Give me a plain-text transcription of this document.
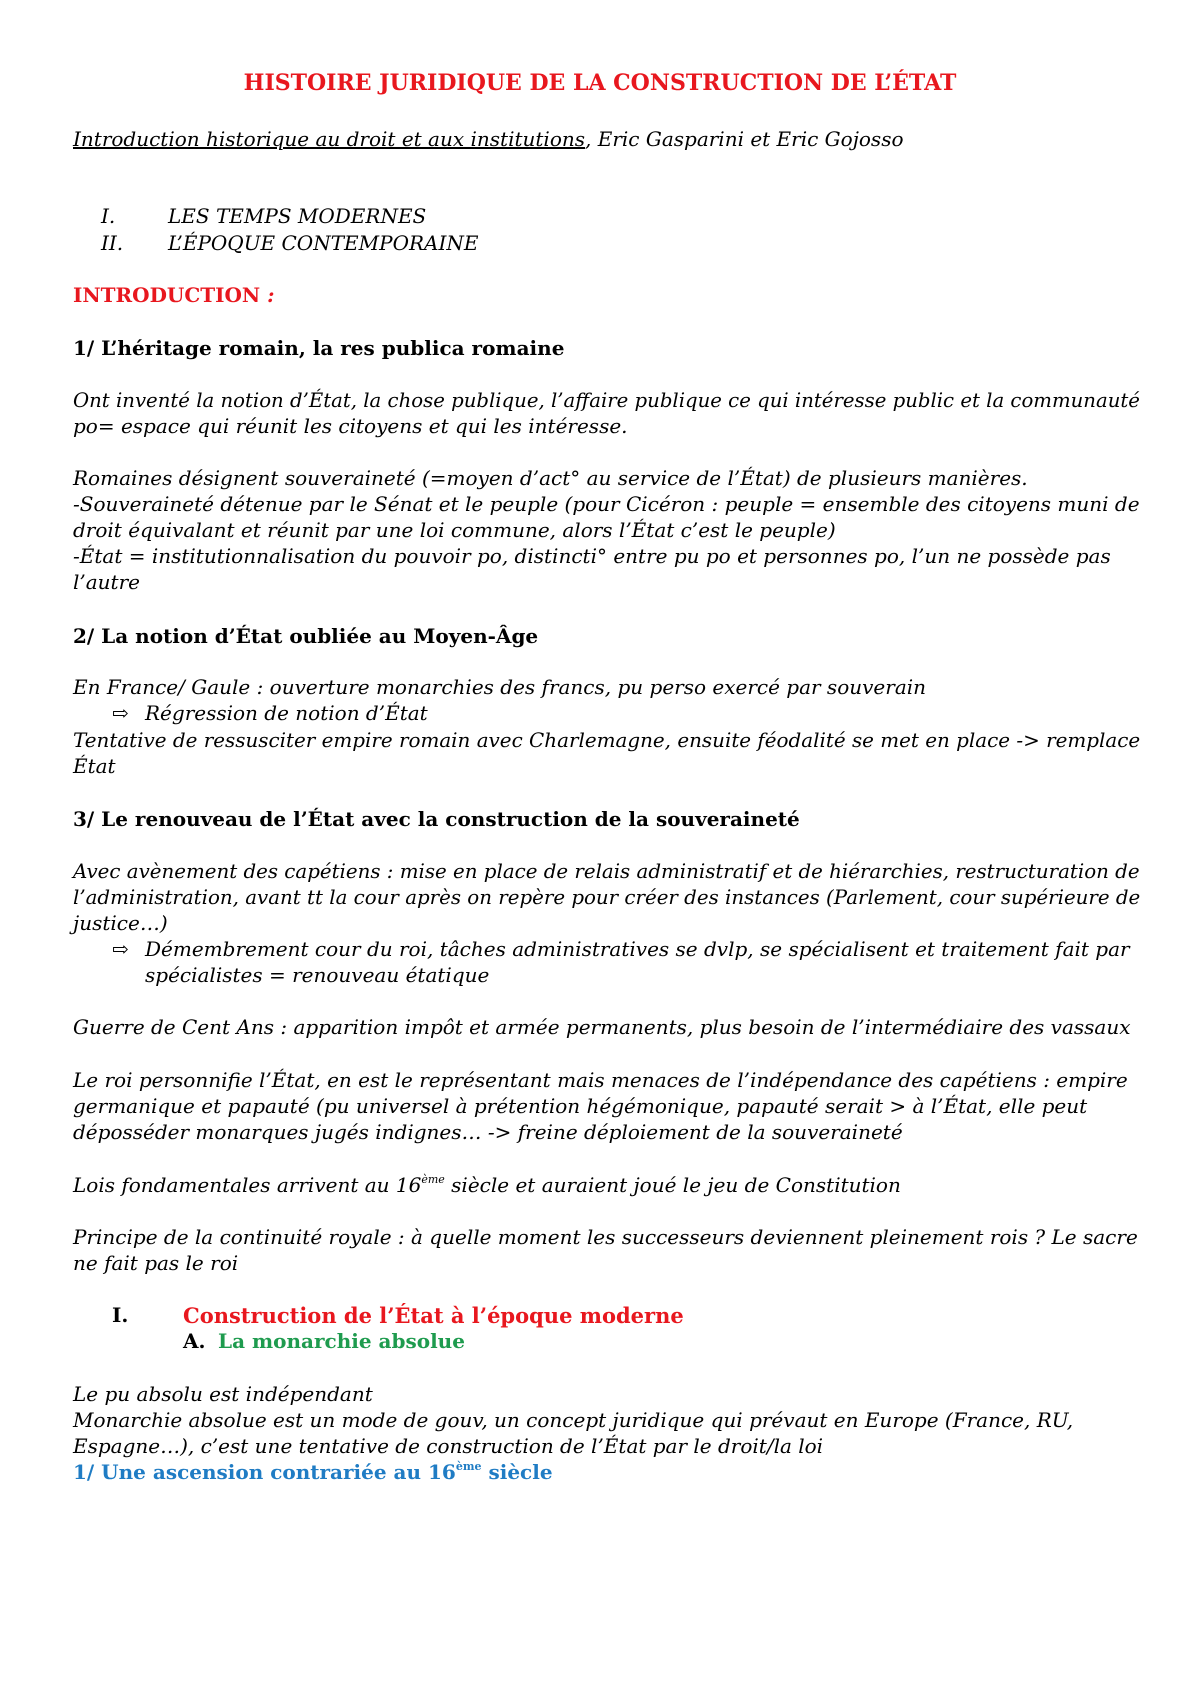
HISTOIRE JURIDIQUE DE LA CONSTRUCTION DE L’ÉTAT
Introduction historique au droit et aux institutions, Eric Gasparini et Eric Gojosso
I.	LES TEMPS MODERNES
II. L’ÉPOQUE CONTEMPORAINE
INTRODUCTION :
1/ L’héritage romain, la res publica romaine
Ont inventé la notion d’État, la chose publique, l’affaire publique ce qui intéresse public et la communauté
po= espace qui réunit les citoyens et qui les intéresse.
Romaines désignent souveraineté (=moyen d’act° au service de l’État) de plusieurs manières.
-Souveraineté détenue par le Sénat et le peuple (pour Cicéron : peuple = ensemble des citoyens muni de
droit équivalant et réunit par une loi commune, alors l’État c’est le peuple)
-État = institutionnalisation du pouvoir po, distincti° entre pu po et personnes po, l’un ne possède pas
l’autre
2/ La notion d’État oubliée au Moyen-Âge
En France/ Gaule : ouverture monarchies des francs, pu perso exercé par souverain
⇨ Régression de notion d’État
Tentative de ressusciter empire romain avec Charlemagne, ensuite féodalité se met en place -> remplace
État
3/ Le renouveau de l’État avec la construction de la souveraineté
Avec avènement des capétiens : mise en place de relais administratif et de hiérarchies, restructuration de
l’administration, avant tt la cour après on repère pour créer des instances (Parlement, cour supérieure de
justice…)
⇨ Démembrement cour du roi, tâches administratives se dvlp, se spécialisent et traitement fait par
spécialistes = renouveau étatique
Guerre de Cent Ans : apparition impôt et armée permanents, plus besoin de l’intermédiaire des vassaux
Le roi personnifie l’État, en est le représentant mais menaces de l’indépendance des capétiens : empire
germanique et papauté (pu universel à prétention hégémonique, papauté serait > à l’État, elle peut
déposséder monarques jugés indignes… -> freine déploiement de la souveraineté
Lois fondamentales arrivent au 16ème siècle et auraient joué le jeu de Constitution
Principe de la continuité royale : à quelle moment les successeurs deviennent pleinement rois ? Le sacre
ne fait pas le roi
I.	Construction de l’État à l’époque moderne
A. La monarchie absolue
Le pu absolu est indépendant
Monarchie absolue est un mode de gouv, un concept juridique qui prévaut en Europe (France, RU,
Espagne…), c’est une tentative de construction de l’État par le droit/la loi
1/ Une ascension contrariée au 16ème siècle
